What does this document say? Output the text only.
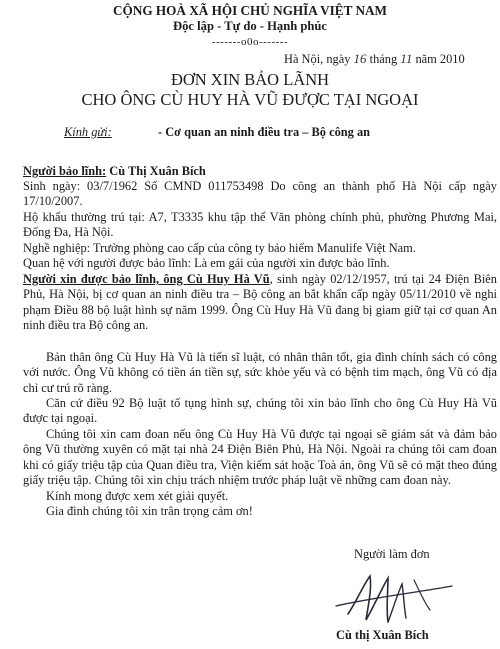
CỘNG HOÀ XÃ HỘI CHỦ NGHĨA VIỆT NAM
Độc lập - Tự do - Hạnh phúc
-------o0o-------
Hà Nội, ngày 16 tháng 11 năm 2010
ĐƠN XIN BẢO LÃNH
CHO ÔNG CÙ HUY HÀ VŨ ĐƯỢC TẠI NGOẠI
Kính gửi:	- Cơ quan an ninh điều tra – Bộ công an
Người bảo lĩnh: Cù Thị Xuân Bích
Sinh ngày: 03/7/1962 Số CMND 011753498 Do công an thành phố Hà Nội cấp ngày 17/10/2007.
Hộ khẩu thường trú tại: A7, T3335 khu tập thể Văn phòng chính phủ, phường Phương Mai, Đống Đa, Hà Nội.
Nghề nghiệp: Trưởng phòng cao cấp của công ty bảo hiểm Manulife Việt Nam.
Quan hệ với người được bảo lĩnh: Là em gái của người xin được bảo lĩnh.
Người xin được bảo lĩnh, ông Cù Huy Hà Vũ, sinh ngày 02/12/1957, trú tại 24 Điện Biên Phủ, Hà Nội, bị cơ quan an ninh điều tra – Bộ công an bắt khẩn cấp ngày 05/11/2010 về nghi phạm Điều 88 bộ luật hình sự năm 1999. Ông Cù Huy Hà Vũ đang bị giam giữ tại cơ quan An ninh điều tra Bộ công an.
Bản thân ông Cù Huy Hà Vũ là tiến sĩ luật, có nhân thân tốt, gia đình chính sách có công với nước. Ông Vũ không có tiền án tiền sự, sức khỏe yếu và có bệnh tim mạch, ông Vũ có địa chỉ cư trú rõ ràng.
Căn cứ điều 92 Bộ luật tố tụng hình sự, chúng tôi xin bảo lĩnh cho ông Cù Huy Hà Vũ được tại ngoại.
Chúng tôi xin cam đoan nếu ông Cù Huy Hà Vũ được tại ngoại sẽ giám sát và đảm bảo ông Vũ thường xuyên có mặt tại nhà 24 Điện Biên Phủ, Hà Nội. Ngoài ra chúng tôi cam đoan khi có giấy triệu tập của Quan điều tra, Viện kiểm sát hoặc Toà án, ông Vũ sẽ có mặt theo đúng giấy triệu tập. Chúng tôi xin chịu trách nhiệm trước pháp luật về những cam đoan này.
Kính mong được xem xét giải quyết.
Gia đình chúng tôi xin trân trọng cảm ơn!
Người làm đơn
Cù thị Xuân Bích
